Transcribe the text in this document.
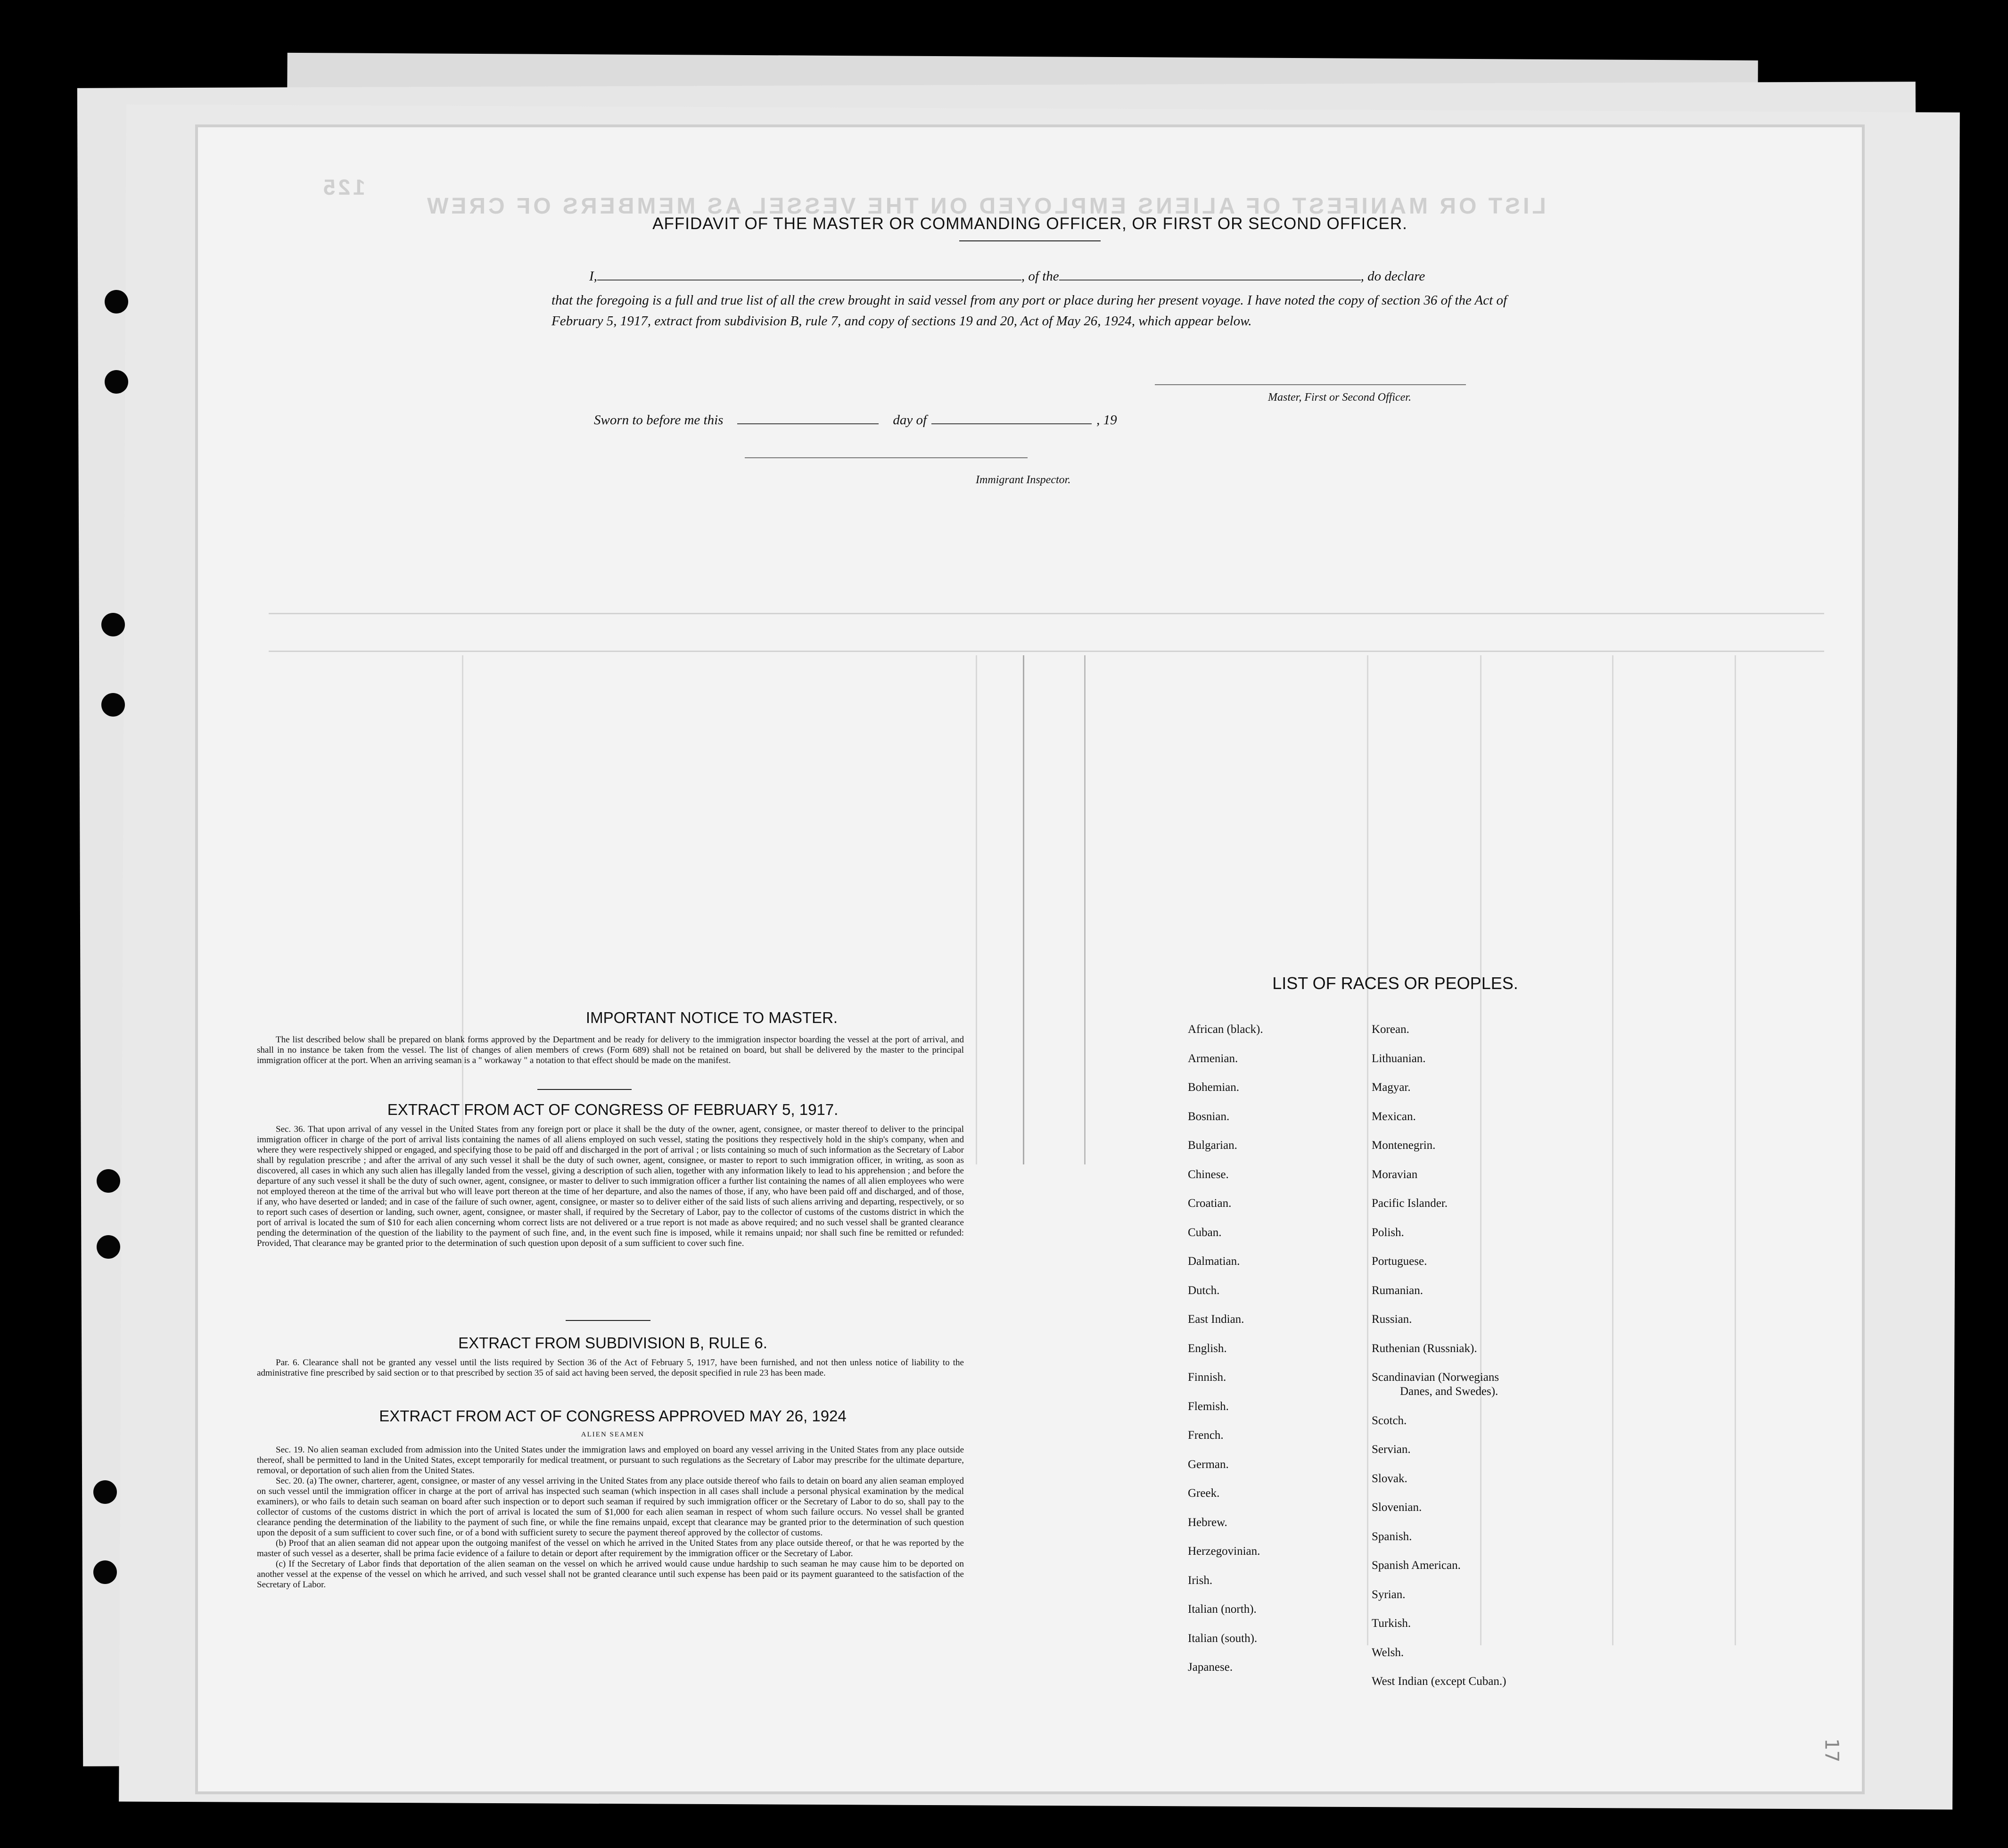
LIST OR MANIFEST OF ALIENS EMPLOYED ON THE VESSEL AS MEMBERS OF CREW
125
AFFIDAVIT OF THE MASTER OR COMMANDING OFFICER, OR FIRST OR SECOND OFFICER.
I,	, of the	, do declare
that the foregoing is a full and true list of all the crew brought in said vessel from any port or place during her present voyage. I have noted the copy of section 36 of the Act of February 5, 1917, extract from subdivision B, rule 7, and copy of sections 19 and 20, Act of May 26, 1924, which appear below.
Master, First or Second Officer.
Sworn to before me this	day of	, 19
Immigrant Inspector.
IMPORTANT NOTICE TO MASTER.

The list described below shall be prepared on blank forms approved by the Department and be ready for delivery to the immigration inspector boarding the vessel at the port of arrival, and shall in no instance be taken from the vessel. The list of changes of alien members of crews (Form 689) shall not be retained on board, but shall be delivered by the master to the principal immigration officer at the port. When an arriving seaman is a " workaway " a notation to that effect should be made on the manifest.

EXTRACT FROM ACT OF CONGRESS OF FEBRUARY 5, 1917.

Sec. 36. That upon arrival of any vessel in the United States from any foreign port or place it shall be the duty of the owner, agent, consignee, or master thereof to deliver to the principal immigration officer in charge of the port of arrival lists containing the names of all aliens employed on such vessel, stating the positions they respectively hold in the ship's company, when and where they were respectively shipped or engaged, and specifying those to be paid off and discharged in the port of arrival ; or lists containing so much of such information as the Secretary of Labor shall by regulation prescribe ; and after the arrival of any such vessel it shall be the duty of such owner, agent, consignee, or master to report to such immigration officer, in writing, as soon as discovered, all cases in which any such alien has illegally landed from the vessel, giving a description of such alien, together with any information likely to lead to his apprehension ; and before the departure of any such vessel it shall be the duty of such owner, agent, consignee, or master to deliver to such immigration officer a further list containing the names of all alien employees who were not employed thereon at the time of the arrival but who will leave port thereon at the time of her departure, and also the names of those, if any, who have been paid off and discharged, and of those, if any, who have deserted or landed; and in case of the failure of such owner, agent, consignee, or master so to deliver either of the said lists of such aliens arriving and departing, respectively, or so to report such cases of desertion or landing, such owner, agent, consignee, or master shall, if required by the Secretary of Labor, pay to the collector of customs of the customs district in which the port of arrival is located the sum of $10 for each alien concerning whom correct lists are not delivered or a true report is not made as above required; and no such vessel shall be granted clearance pending the determination of the question of the liability to the payment of such fine, and, in the event such fine is imposed, while it remains unpaid; nor shall such fine be remitted or refunded: Provided, That clearance may be granted prior to the determination of such question upon deposit of a sum sufficient to cover such fine.

EXTRACT FROM SUBDIVISION B, RULE 6.

Par. 6. Clearance shall not be granted any vessel until the lists required by Section 36 of the Act of February 5, 1917, have been furnished, and not then unless notice of liability to the administrative fine prescribed by said section or to that prescribed by section 35 of said act having been served, the deposit specified in rule 23 has been made.

EXTRACT FROM ACT OF CONGRESS APPROVED MAY 26, 1924
ALIEN SEAMEN

Sec. 19. No alien seaman excluded from admission into the United States under the immigration laws and employed on board any vessel arriving in the United States from any place outside thereof, shall be permitted to land in the United States, except temporarily for medical treatment, or pursuant to such regulations as the Secretary of Labor may prescribe for the ultimate departure, removal, or deportation of such alien from the United States.

Sec. 20. (a) The owner, charterer, agent, consignee, or master of any vessel arriving in the United States from any place outside thereof who fails to detain on board any alien seaman employed on such vessel until the immigration officer in charge at the port of arrival has inspected such seaman (which inspection in all cases shall include a personal physical examination by the medical examiners), or who fails to detain such seaman on board after such inspection or to deport such seaman if required by such immigration officer or the Secretary of Labor to do so, shall pay to the collector of customs of the customs district in which the port of arrival is located the sum of $1,000 for each alien seaman in respect of whom such failure occurs. No vessel shall be granted clearance pending the determination of the liability to the payment of such fine, or while the fine remains unpaid, except that clearance may be granted prior to the determination of such question upon the deposit of a sum sufficient to cover such fine, or of a bond with sufficient surety to secure the payment thereof approved by the collector of customs.

(b) Proof that an alien seaman did not appear upon the outgoing manifest of the vessel on which he arrived in the United States from any place outside thereof, or that he was reported by the master of such vessel as a deserter, shall be prima facie evidence of a failure to detain or deport after requirement by the immigration officer or the Secretary of Labor.

(c) If the Secretary of Labor finds that deportation of the alien seaman on the vessel on which he arrived would cause undue hardship to such seaman he may cause him to be deported on another vessel at the expense of the vessel on which he arrived, and such vessel shall not be granted clearance until such expense has been paid or its payment guaranteed to the satisfaction of the Secretary of Labor.

LIST OF RACES OR PEOPLES.
African (black).
Armenian.
Bohemian.
Bosnian.
Bulgarian.
Chinese.
Croatian.
Cuban.
Dalmatian.
Dutch.
East Indian.
English.
Finnish.
Flemish.
French.
German.
Greek.
Hebrew.
Herzegovinian.
Irish.
Italian (north).
Italian (south).
Japanese.
Korean.
Lithuanian.
Magyar.
Mexican.
Montenegrin.
Moravian
Pacific Islander.
Polish.
Portuguese.
Rumanian.
Russian.
Ruthenian (Russniak).
Scandinavian (Norwegians
Danes, and Swedes).
Scotch.
Servian.
Slovak.
Slovenian.
Spanish.
Spanish American.
Syrian.
Turkish.
Welsh.
West Indian (except Cuban.)
17
